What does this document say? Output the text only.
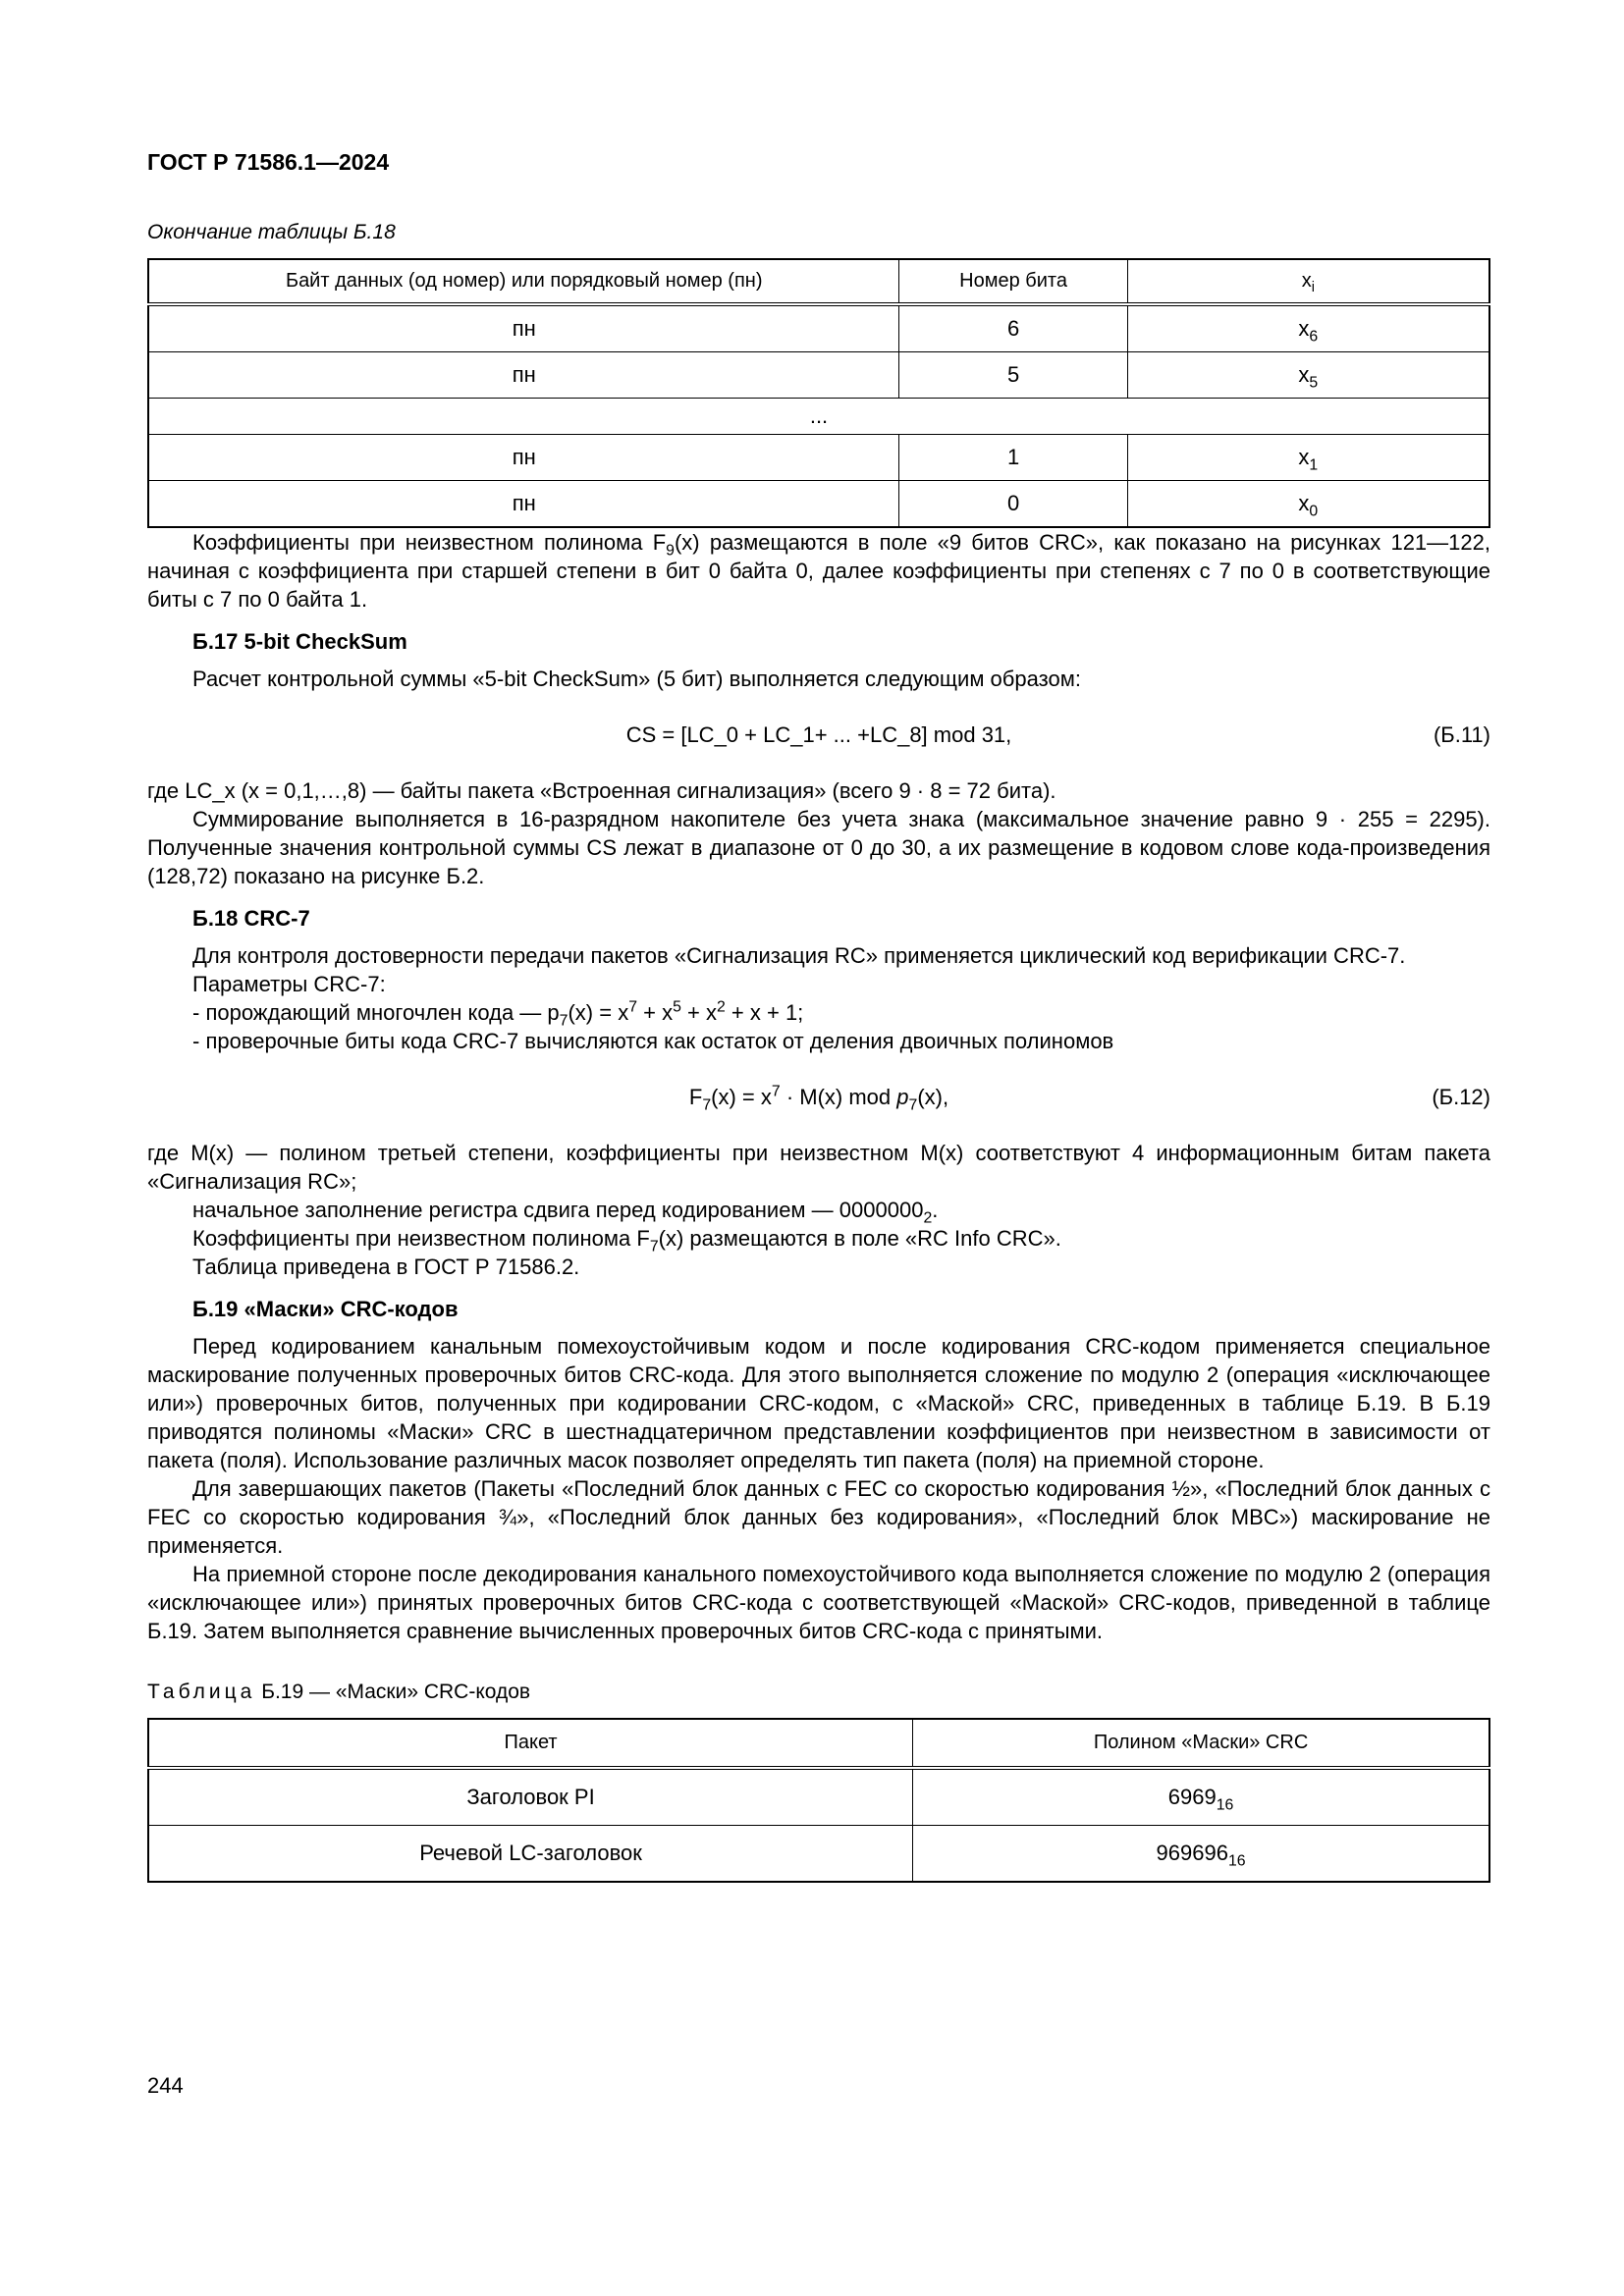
ГОСТ Р 71586.1—2024
Окончание таблицы Б.18
Байт данных (од номер) или порядковый номер (пн)	Номер бита	$x_i$
пн	6	$x_6$
пн	5	$x_5$
...		
пн	1	$x_1$
пн	0	$x_0$

Коэффициенты при неизвестном полинома $F_9(x)$ размещаются в поле «9 битов CRC», как показано на рисунках 121—122, начиная с коэффициента при старшей степени в бит 0 байта 0, далее коэффициенты при степенях с 7 по 0 в соответствующие биты с 7 по 0 байта 1.

Б.17 5-bit CheckSum

Расчет контрольной суммы «5-bit CheckSum» (5 бит) выполняется следующим образом:

CS = [LC_0 + LC_1+ ... +LC_8] mod 31,	(Б.11)

где LC_x (x = 0,1,…,8) — байты пакета «Встроенная сигнализация» (всего 9 · 8 = 72 бита).

Суммирование выполняется в 16-разрядном накопителе без учета знака (максимальное значение равно 9 · 255 = 2295). Полученные значения контрольной суммы CS лежат в диапазоне от 0 до 30, а их размещение в кодовом слове кода-произведения (128,72) показано на рисунке Б.2.

Б.18 CRC-7

Для контроля достоверности передачи пакетов «Сигнализация RC» применяется циклический код верификации CRC-7.

Параметры CRC-7:

- порождающий многочлен кода — $p_7(x) = x^7 + x^5 + x^2 + x + 1$;

- проверочные биты кода CRC-7 вычисляются как остаток от деления двоичных полиномов

$F_7(x) = x^7 \cdot M(x)$ mod $p_7(x)$,	(Б.12)

где M(x) — полином третьей степени, коэффициенты при неизвестном M(x) соответствуют 4 информационным битам пакета «Сигнализация RC»;

начальное заполнение регистра сдвига перед кодированием — $0000000_2$.

Коэффициенты при неизвестном полинома $F_7(x)$ размещаются в поле «RC Info CRC».

Таблица приведена в ГОСТ Р 71586.2.

Б.19 «Маски» CRC-кодов

Перед кодированием канальным помехоустойчивым кодом и после кодирования CRC-кодом применяется специальное маскирование полученных проверочных битов CRC-кода. Для этого выполняется сложение по модулю 2 (операция «исключающее или») проверочных битов, полученных при кодировании CRC-кодом, с «Маской» CRC, приведенных в таблице Б.19. В Б.19 приводятся полиномы «Маски» CRC в шестнадцатеричном представлении коэффициентов при неизвестном в зависимости от пакета (поля). Использование различных масок позволяет определять тип пакета (поля) на приемной стороне.

Для завершающих пакетов (Пакеты «Последний блок данных с FEC со скоростью кодирования ½», «Последний блок данных с FEC со скоростью кодирования ¾», «Последний блок данных без кодирования», «Последний блок MBC») маскирование не применяется.

На приемной стороне после декодирования канального помехоустойчивого кода выполняется сложение по модулю 2 (операция «исключающее или») принятых проверочных битов CRC-кода с соответствующей «Маской» CRC-кодов, приведенной в таблице Б.19. Затем выполняется сравнение вычисленных проверочных битов CRC-кода с принятыми.

Таблица Б.19 — «Маски» CRC-кодов
Пакет	Полином «Маски» CRC
Заголовок PI	$6969_{16}$
Речевой LC-заголовок	$969696_{16}$
244
